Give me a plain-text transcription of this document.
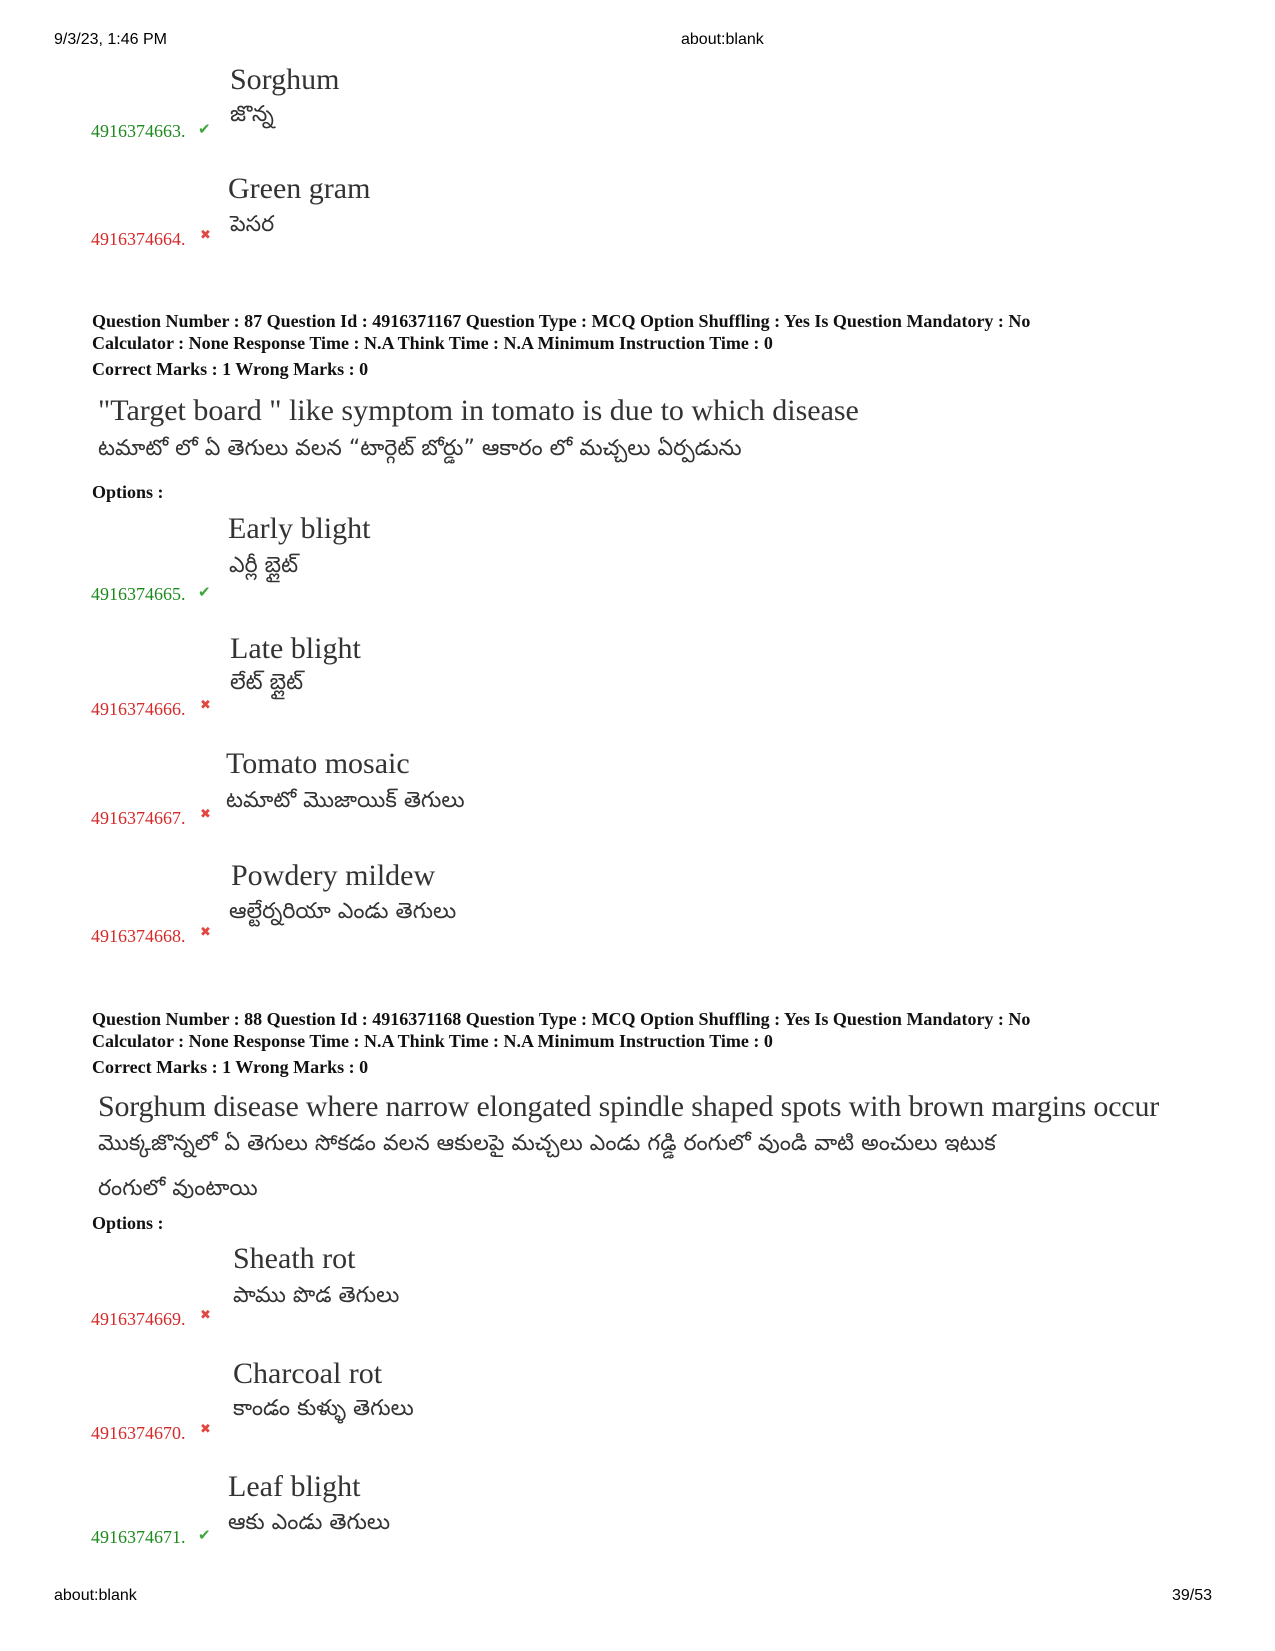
9/3/23, 1:46 PM	about:blank
Sorghum
జొన్న
4916374663. ✔
Green gram
పెసర
4916374664. ✖
Question Number : 87 Question Id : 4916371167 Question Type : MCQ Option Shuffling : Yes Is Question Mandatory : No
Calculator : None Response Time : N.A Think Time : N.A Minimum Instruction Time : 0
Correct Marks : 1 Wrong Marks : 0
"Target board " like symptom in tomato is due to which disease
టమాటో లో ఏ తెగులు వలన “టార్గెట్ బోర్డు” ఆకారం లో మచ్చలు ఏర్పడును
Options :
Early blight
ఎర్లీ బ్లైట్
4916374665. ✔
Late blight
లేట్ బ్లైట్
4916374666. ✖
Tomato mosaic
టమాటో మొజాయిక్ తెగులు
4916374667. ✖
Powdery mildew
ఆల్టేర్నరియా ఎండు తెగులు
4916374668. ✖
Question Number : 88 Question Id : 4916371168 Question Type : MCQ Option Shuffling : Yes Is Question Mandatory : No
Calculator : None Response Time : N.A Think Time : N.A Minimum Instruction Time : 0
Correct Marks : 1 Wrong Marks : 0
Sorghum disease where narrow elongated spindle shaped spots with brown margins occur
మొక్కజొన్నలో ఏ తెగులు సోకడం వలన ఆకులపై మచ్చలు ఎండు గడ్డి రంగులో వుండి వాటి అంచులు ఇటుక
రంగులో వుంటాయి
Options :
Sheath rot
పాము పొడ తెగులు
4916374669. ✖
Charcoal rot
కాండం కుళ్ళు తెగులు
4916374670. ✖
Leaf blight
ఆకు ఎండు తెగులు
4916374671. ✔
about:blank	39/53
